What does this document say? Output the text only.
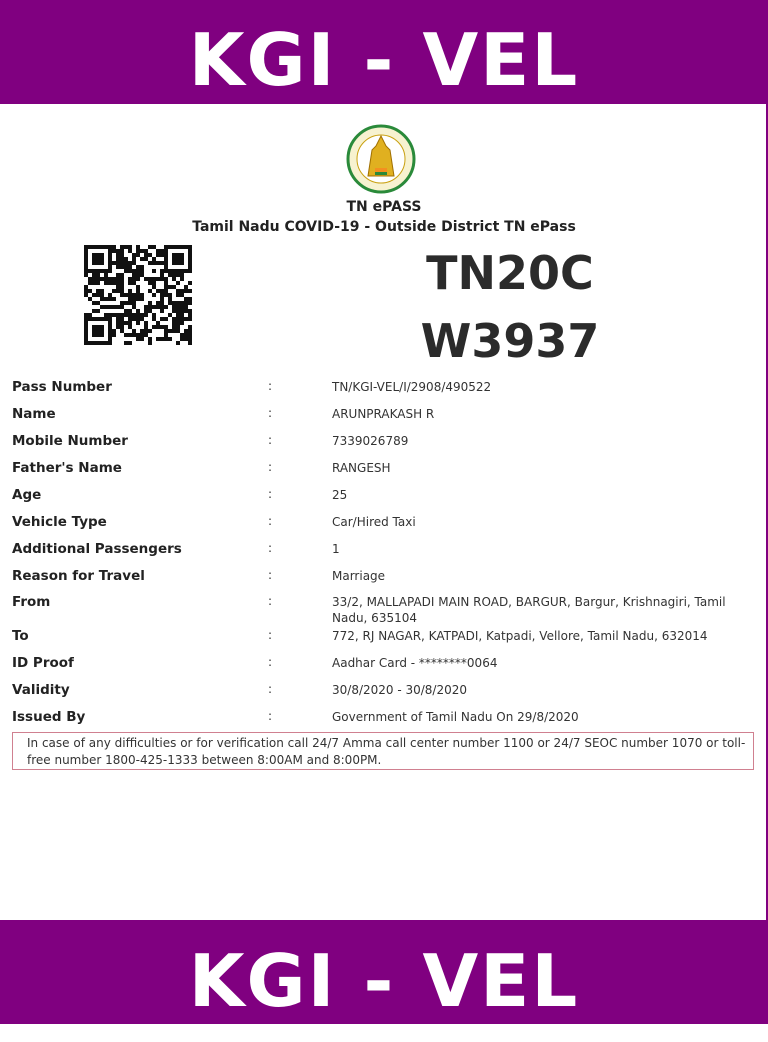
KGI - VEL
TN ePASS
Tamil Nadu COVID-19 - Outside District TN ePass
TN20C
W3937
Pass Number	:	TN/KGI-VEL/I/2908/490522
Name	:	ARUNPRAKASH R
Mobile Number	:	7339026789
Father's Name	:	RANGESH
Age	:	25
Vehicle Type	:	Car/Hired Taxi
Additional Passengers	:	1
Reason for Travel	:	Marriage
From	:	33/2, MALLAPADI MAIN ROAD, BARGUR, Bargur, Krishnagiri, Tamil Nadu, 635104
To	:	772, RJ NAGAR, KATPADI, Katpadi, Vellore, Tamil Nadu, 632014
ID Proof	:	Aadhar Card - ********0064
Validity	:	30/8/2020 - 30/8/2020
Issued By	:	Government of Tamil Nadu On 29/8/2020
In case of any difficulties or for verification call 24/7 Amma call center number 1100 or 24/7 SEOC number 1070 or toll-free number 1800-425-1333 between 8:00AM and 8:00PM.
KGI - VEL
